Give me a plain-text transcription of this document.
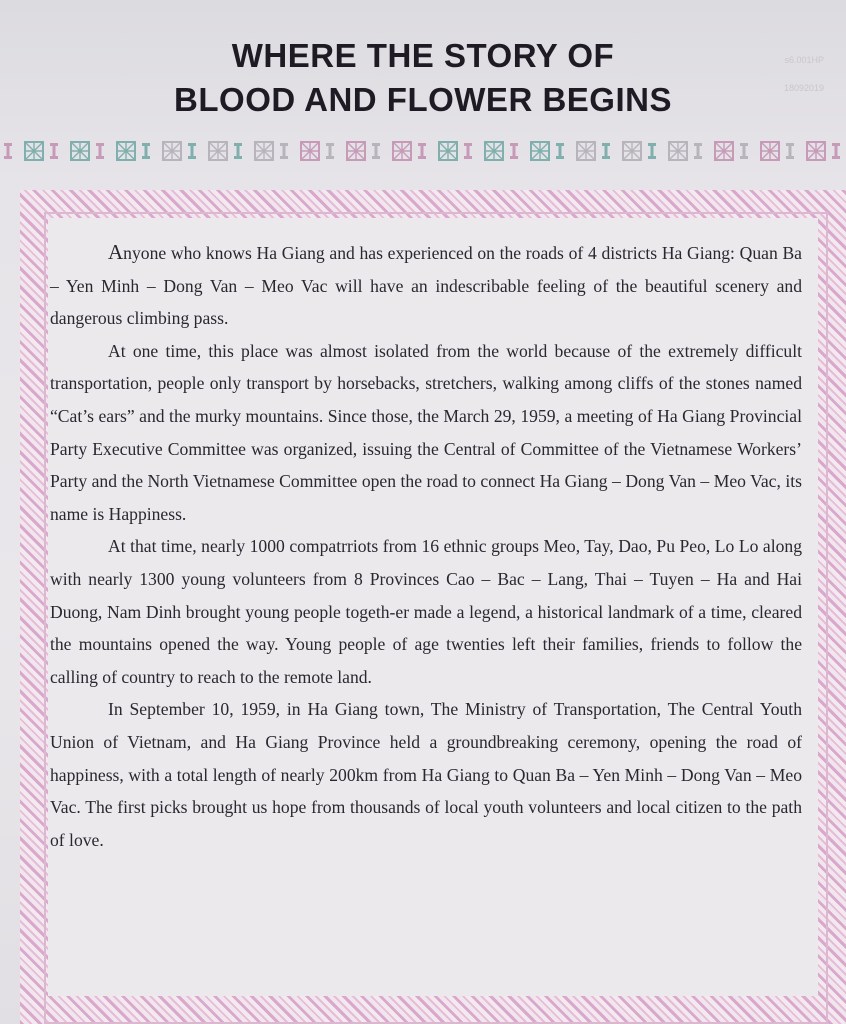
WHERE THE STORY OF
BLOOD AND FLOWER BEGINS
s6.001HP
18092019

Anyone who knows Ha Giang and has experienced on the roads of 4 districts Ha Giang: Quan Ba – Yen Minh – Dong Van – Meo Vac will have an indescribable feeling of the beautiful scenery and dangerous climbing pass.

At one time, this place was almost isolated from the world because of the extremely difficult transportation, people only transport by horsebacks, stretchers, walking among cliffs of the stones named “Cat’s ears” and the murky mountains. Since those, the March 29, 1959, a meeting of Ha Giang Provincial Party Executive Committee was organized, issuing the Central of Committee of the Vietnamese Workers’ Party and the North Vietnamese Committee open the road to connect Ha Giang – Dong Van – Meo Vac, its name is Happiness.

At that time, nearly 1000 compatrriots from 16 ethnic groups Meo, Tay, Dao, Pu Peo, Lo Lo along with nearly 1300 young volunteers from 8 Provinces Cao – Bac – Lang, Thai – Tuyen – Ha and Hai Duong, Nam Dinh brought young people togeth-er made a legend, a historical landmark of a time, cleared the mountains opened the way. Young people of age twenties left their families, friends to follow the calling of country to reach to the remote land.

In September 10, 1959, in Ha Giang town, The Ministry of Transportation, The Central Youth Union of Vietnam, and Ha Giang Province held a groundbreaking ceremony, opening the road of happiness, with a total length of nearly 200km from Ha Giang to Quan Ba – Yen Minh – Dong Van – Meo Vac. The first picks brought us hope from thousands of local youth volunteers and local citizen to the path of love.
